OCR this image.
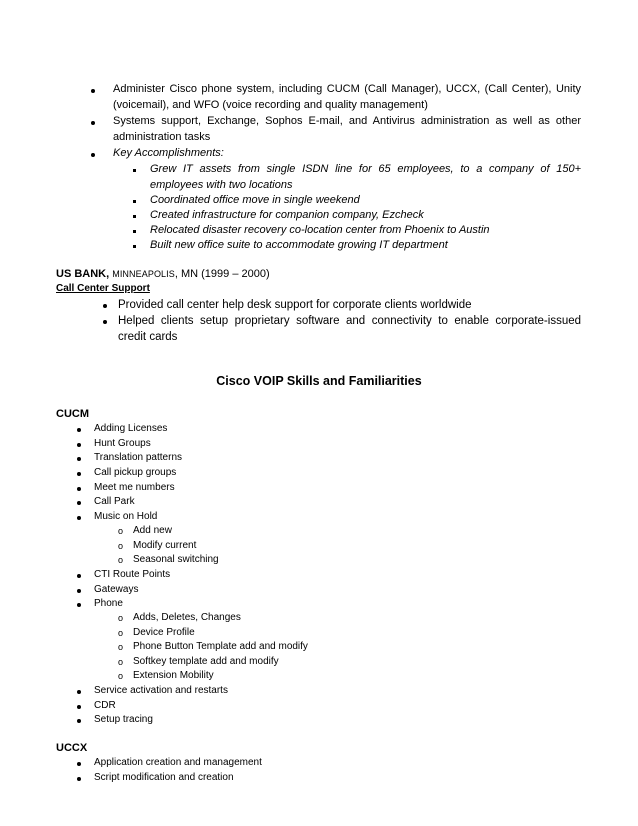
Administer Cisco phone system, including CUCM (Call Manager), UCCX, (Call Center), Unity (voicemail), and WFO (voice recording and quality management)
Systems support, Exchange, Sophos E-mail, and Antivirus administration as well as other administration tasks
Key Accomplishments:
Grew IT assets from single ISDN line for 65 employees, to a company of 150+ employees with two locations
Coordinated office move in single weekend
Created infrastructure for companion company, Ezcheck
Relocated disaster recovery co-location center from Phoenix to Austin
Built new office suite to accommodate growing IT department
US BANK, MINNEAPOLIS, MN (1999 – 2000)
Call Center Support
Provided call center help desk support for corporate clients worldwide
Helped clients setup proprietary software and connectivity to enable corporate-issued credit cards
Cisco VOIP Skills and Familiarities
CUCM
Adding Licenses
Hunt Groups
Translation patterns
Call pickup groups
Meet me numbers
Call Park
Music on Hold
o Add new
o Modify current
o Seasonal switching
CTI Route Points
Gateways
Phone
o Adds, Deletes, Changes
o Device Profile
o Phone Button Template add and modify
o Softkey template add and modify
o Extension Mobility
Service activation and restarts
CDR
Setup tracing
UCCX
Application creation and management
Script modification and creation
